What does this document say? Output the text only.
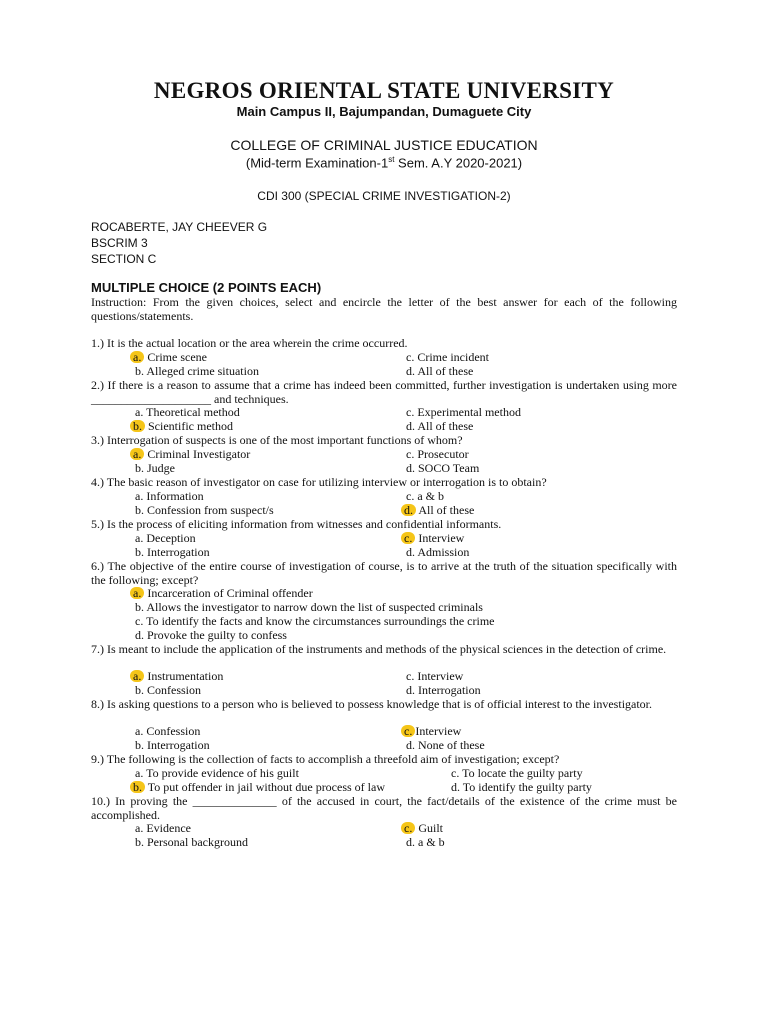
NEGROS ORIENTAL STATE UNIVERSITY
Main Campus II, Bajumpandan, Dumaguete City
COLLEGE OF CRIMINAL JUSTICE EDUCATION
(Mid-term Examination-1st Sem. A.Y 2020-2021)
CDI 300 (SPECIAL CRIME INVESTIGATION-2)
ROCABERTE, JAY CHEEVER G
BSCRIM 3
SECTION C
MULTIPLE CHOICE (2 POINTS EACH)
Instruction: From the given choices, select and encircle the letter of the best answer for each of the following questions/statements.
1.) It is the actual location or the area wherein the crime occurred.
a. Crime scene	c. Crime incident
b. Alleged crime situation	d. All of these
2.) If there is a reason to assume that a crime has indeed been committed, further investigation is undertaken using more ____________________ and techniques.
a. Theoretical method	c. Experimental method
b. Scientific method	d. All of these
3.) Interrogation of suspects is one of the most important functions of whom?
a. Criminal Investigator	c. Prosecutor
b. Judge	d. SOCO Team
4.) The basic reason of investigator on case for utilizing interview or interrogation is to obtain?
a. Information	c. a & b
b. Confession from suspect/s	d. All of these
5.) Is the process of eliciting information from witnesses and confidential informants.
a. Deception	c. Interview
b. Interrogation	d. Admission
6.) The objective of the entire course of investigation of course, is to arrive at the truth of the situation specifically with the following; except?
a. Incarceration of Criminal offender
b. Allows the investigator to narrow down the list of suspected criminals
c. To identify the facts and know the circumstances surroundings the crime
d. Provoke the guilty to confess
7.) Is meant to include the application of the instruments and methods of the physical sciences in the detection of crime.
a. Instrumentation	c. Interview
b. Confession	d. Interrogation
8.) Is asking questions to a person who is believed to possess knowledge that is of official interest to the investigator.
a. Confession	c. Interview
b. Interrogation	d. None of these
9.) The following is the collection of facts to accomplish a threefold aim of investigation; except?
a. To provide evidence of his guilt	c. To locate the guilty party
b. To put offender in jail without due process of law	d. To identify the guilty party
10.) In proving the ______________ of the accused in court, the fact/details of the existence of the crime must be accomplished.
a. Evidence	c. Guilt
b. Personal background	d. a & b
